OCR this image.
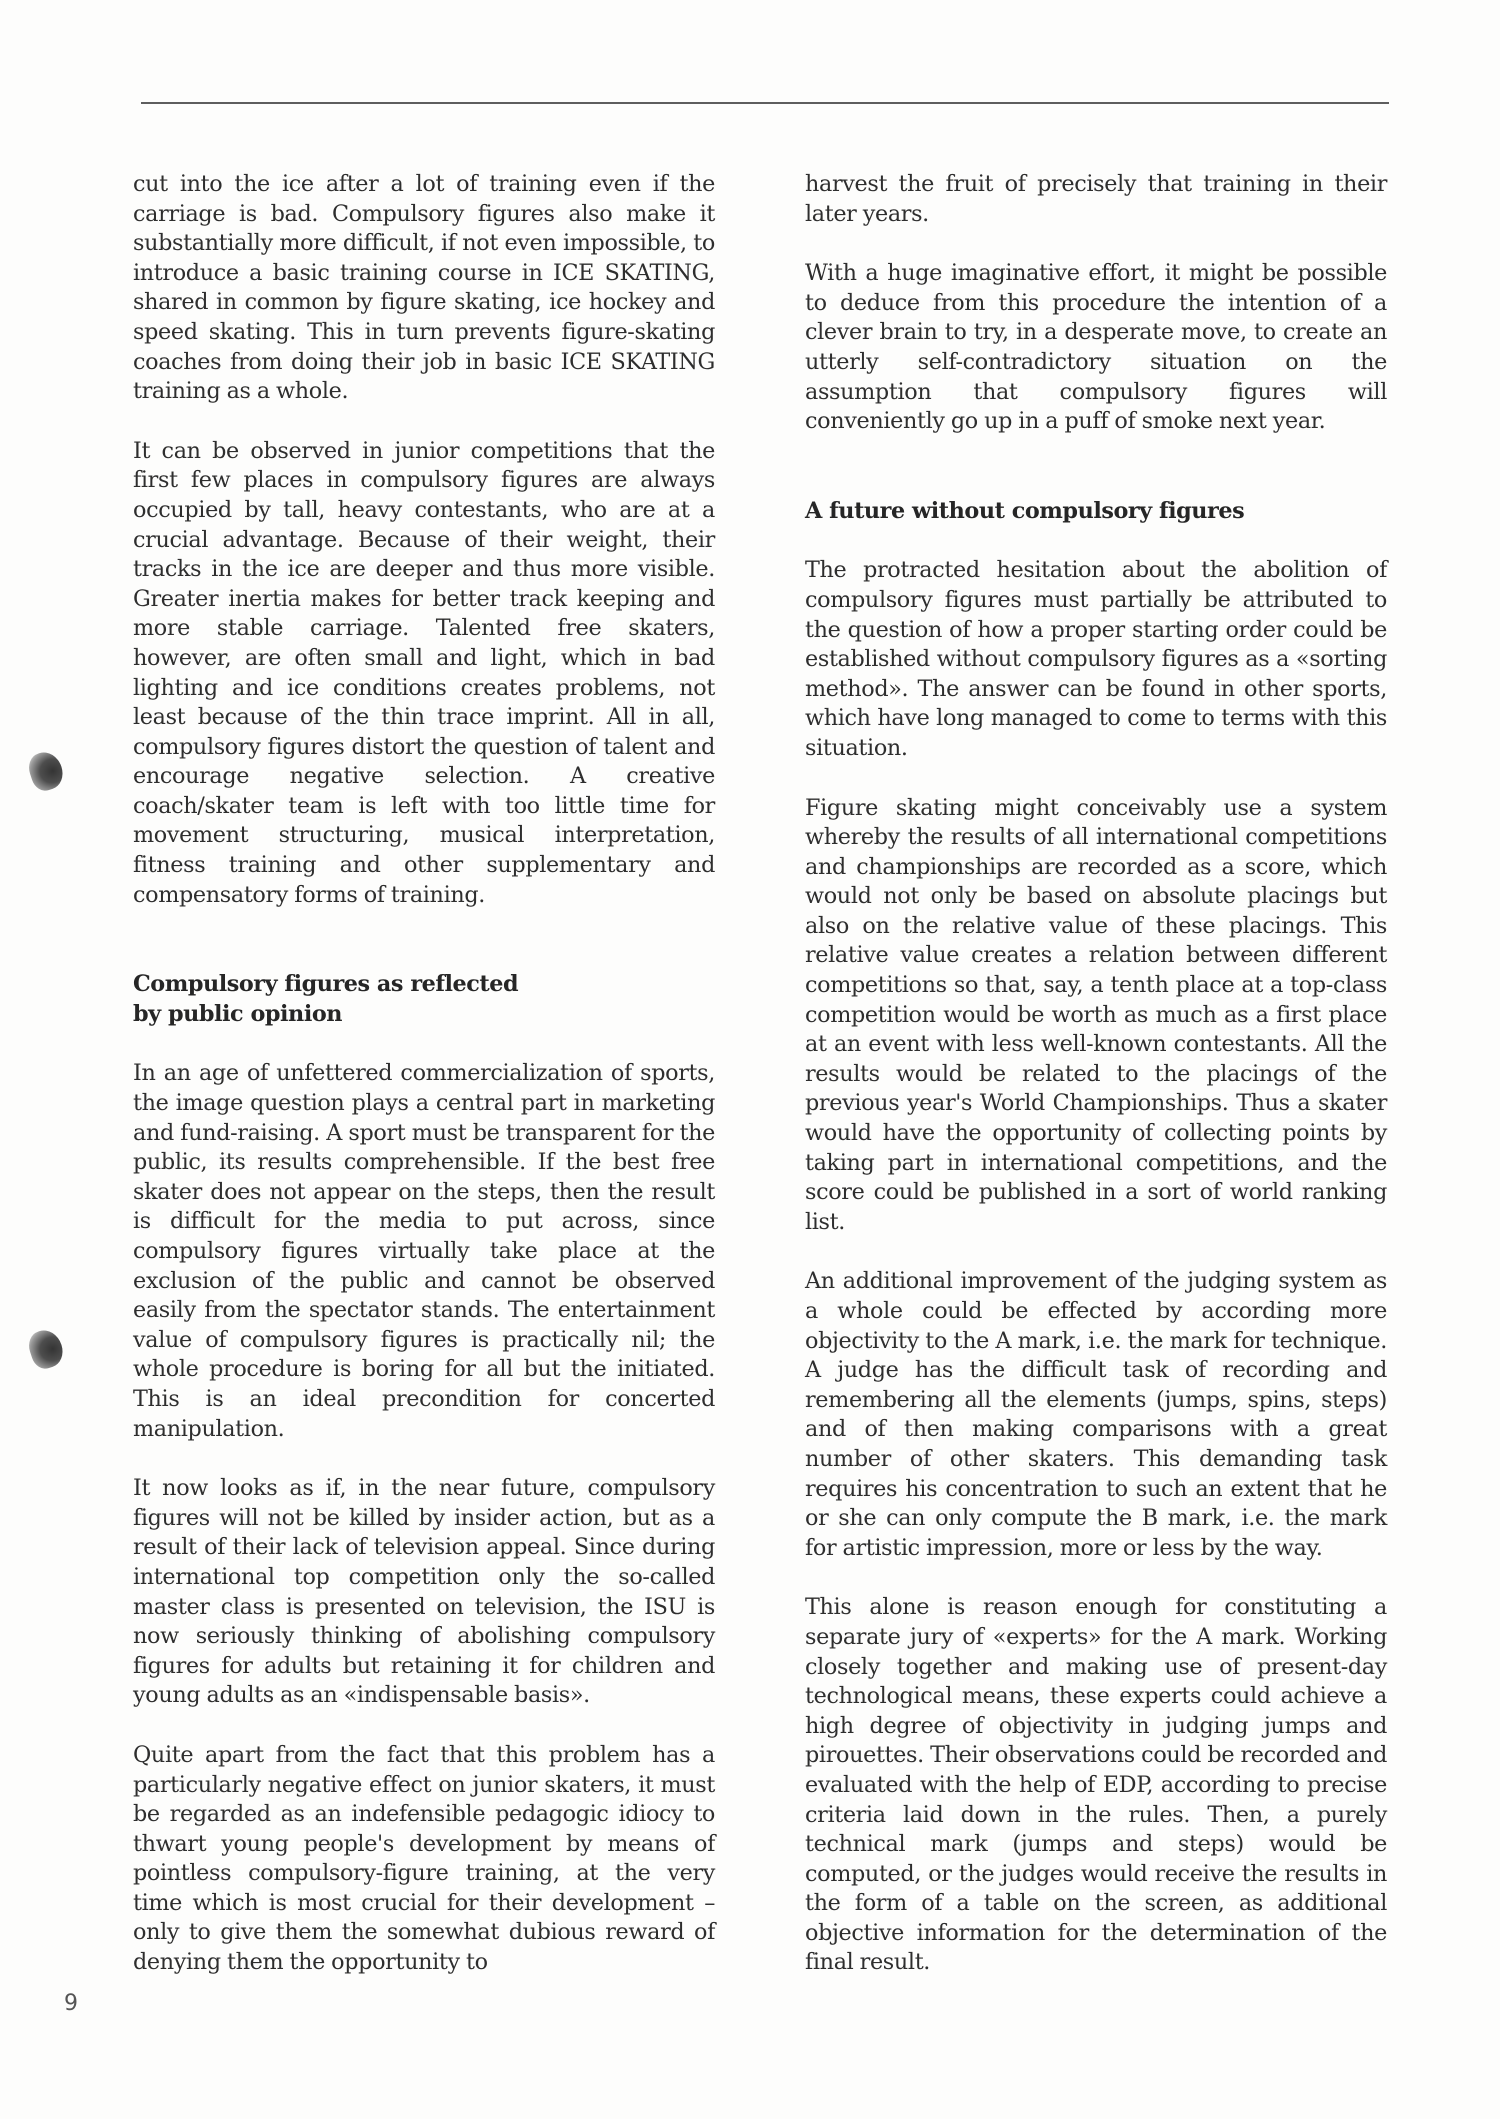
cut into the ice after a lot of training even if the carriage is bad. Compulsory figures also make it substantially more difficult, if not even impossible, to introduce a basic training course in ICE SKATING, shared in common by figure skating, ice hockey and speed skating. This in turn prevents figure-skating coaches from doing their job in basic ICE SKATING training as a whole.

It can be observed in junior competitions that the first few places in compulsory figures are always occupied by tall, heavy contestants, who are at a crucial advantage. Because of their weight, their tracks in the ice are deeper and thus more visible. Greater inertia makes for better track keeping and more stable carriage. Talented free skaters, however, are often small and light, which in bad lighting and ice conditions creates problems, not least because of the thin trace imprint. All in all, compulsory figures distort the question of talent and encourage negative selection. A creative coach/skater team is left with too little time for movement structuring, musical interpretation, fitness training and other supplementary and compensatory forms of training.

Compulsory figures as reflected
by public opinion

In an age of unfettered commercialization of sports, the image question plays a central part in marketing and fund-raising. A sport must be transparent for the public, its results comprehensible. If the best free skater does not appear on the steps, then the result is difficult for the media to put across, since compulsory figures virtually take place at the exclusion of the public and cannot be observed easily from the spectator stands. The entertainment value of compulsory figures is practically nil; the whole procedure is boring for all but the initiated. This is an ideal precondition for concerted manipulation.

It now looks as if, in the near future, compulsory figures will not be killed by insider action, but as a result of their lack of television appeal. Since during international top competition only the so-called master class is presented on television, the ISU is now seriously thinking of abolishing compulsory figures for adults but retaining it for children and young adults as an «indispensable basis».

Quite apart from the fact that this problem has a particularly negative effect on junior skaters, it must be regarded as an indefensible pedagogic idiocy to thwart young people's development by means of pointless compulsory-figure training, at the very time which is most crucial for their development – only to give them the somewhat dubious reward of denying them the opportunity to

harvest the fruit of precisely that training in their later years.

With a huge imaginative effort, it might be possible to deduce from this procedure the intention of a clever brain to try, in a desperate move, to create an utterly self-contradictory situation on the assumption that compulsory figures will conveniently go up in a puff of smoke next year.

A future without compulsory figures

The protracted hesitation about the abolition of compulsory figures must partially be attributed to the question of how a proper starting order could be established without compulsory figures as a «sorting method». The answer can be found in other sports, which have long managed to come to terms with this situation.

Figure skating might conceivably use a system whereby the results of all international competitions and championships are recorded as a score, which would not only be based on absolute placings but also on the relative value of these placings. This relative value creates a relation between different competitions so that, say, a tenth place at a top-class competition would be worth as much as a first place at an event with less well-known contestants. All the results would be related to the placings of the previous year's World Championships. Thus a skater would have the opportunity of collecting points by taking part in international competitions, and the score could be published in a sort of world ranking list.

An additional improvement of the judging system as a whole could be effected by according more objectivity to the A mark, i.e. the mark for technique. A judge has the difficult task of recording and remembering all the elements (jumps, spins, steps) and of then making comparisons with a great number of other skaters. This demanding task requires his concentration to such an extent that he or she can only compute the B mark, i.e. the mark for artistic impression, more or less by the way.

This alone is reason enough for constituting a separate jury of «experts» for the A mark. Working closely together and making use of present-day technological means, these experts could achieve a high degree of objectivity in judging jumps and pirouettes. Their observations could be recorded and evaluated with the help of EDP, according to precise criteria laid down in the rules. Then, a purely technical mark (jumps and steps) would be computed, or the judges would receive the results in the form of a table on the screen, as additional objective information for the determination of the final result.

9
